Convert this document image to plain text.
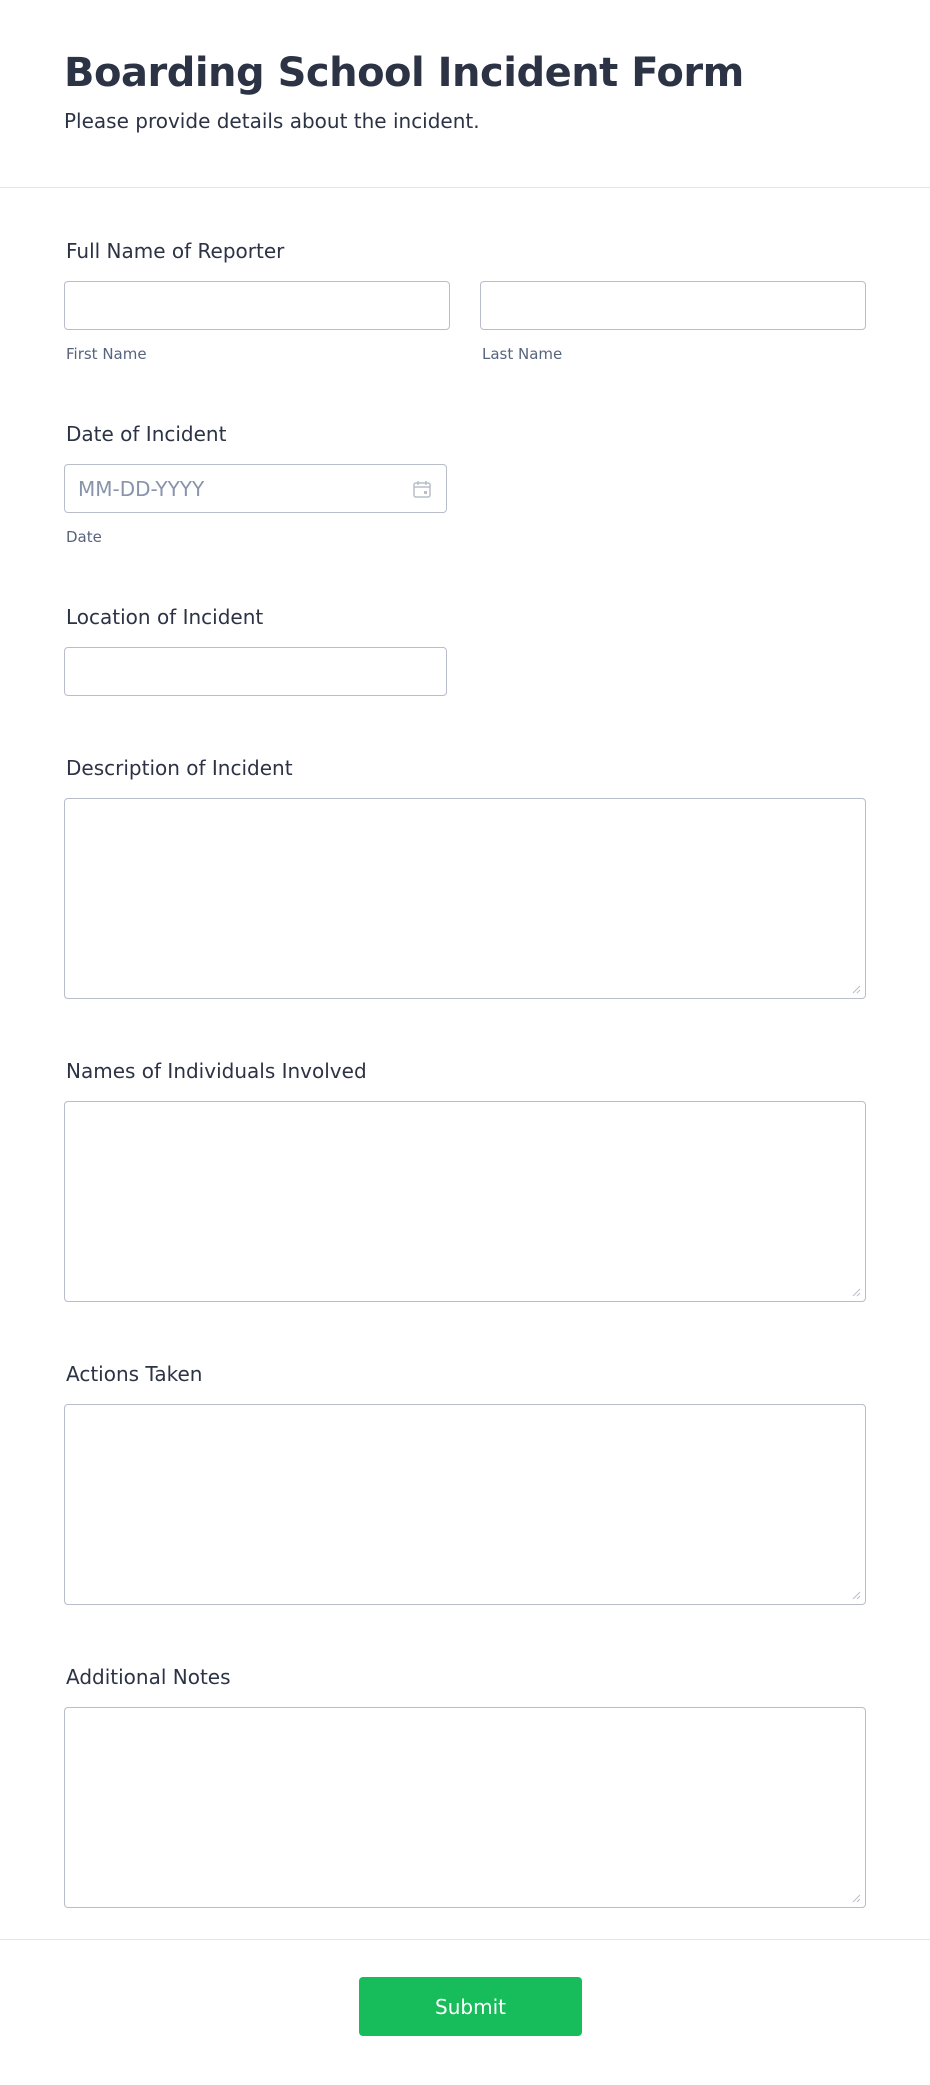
Boarding School Incident Form
Please provide details about the incident.
Full Name of Reporter
First Name	Last Name
Date of Incident
MM-DD-YYYY
Date
Location of Incident
Description of Incident
Names of Individuals Involved
Actions Taken
Additional Notes
Submit
